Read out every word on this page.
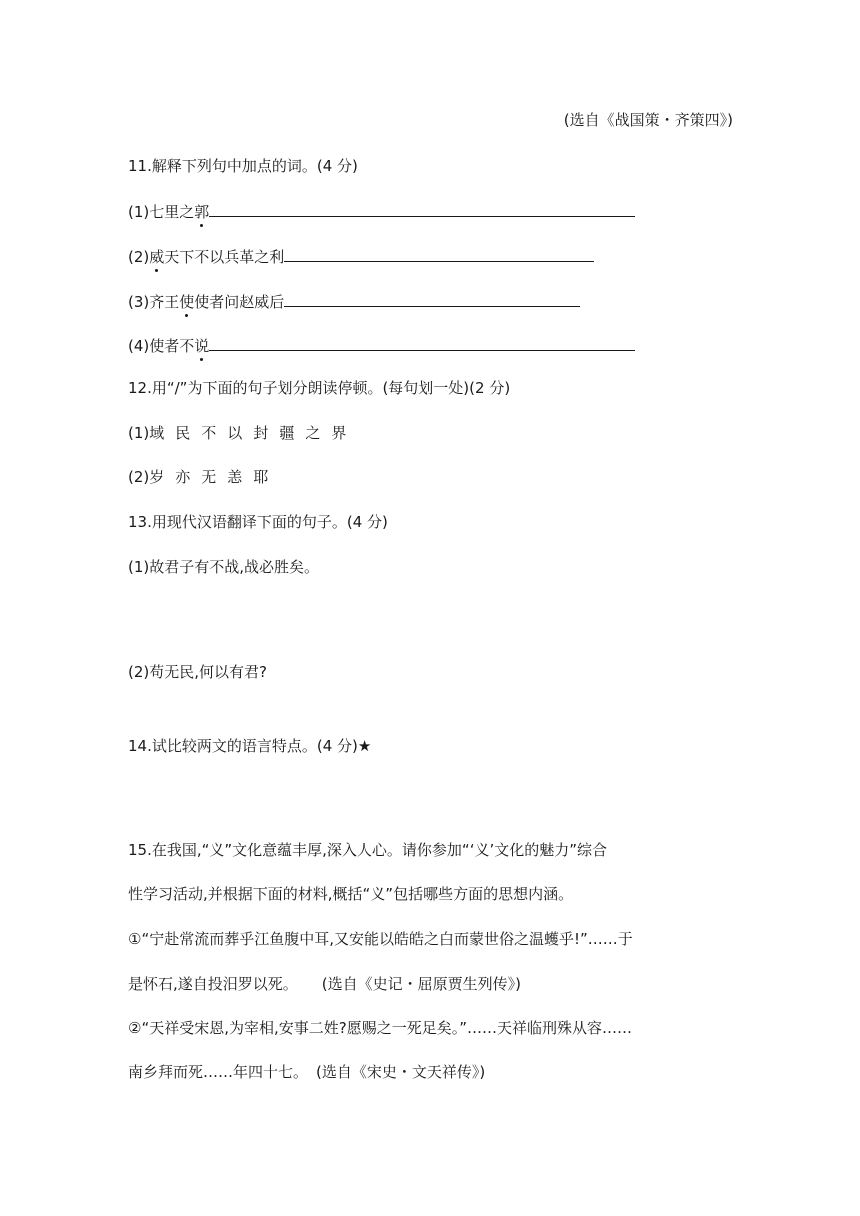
(选自《战国策・齐策四》)
11.解释下列句中加点的词。(4 分)
(1)七里之郭
(2)威天下不以兵革之利
(3)齐王使使者问赵威后
(4)使者不说
12.用“/”为下面的句子划分朗读停顿。(每句划一处)(2 分)
(1)域 民 不 以 封 疆 之 界
(2)岁 亦 无 恙 耶
13.用现代汉语翻译下面的句子。(4 分)
(1)故君子有不战,战必胜矣。
(2)苟无民,何以有君?
14.试比较两文的语言特点。(4 分)★
15.在我国,“义”文化意蕴丰厚,深入人心。请你参加“‘义’文化的魅力”综合
性学习活动,并根据下面的材料,概括“义”包括哪些方面的思想内涵。
①“宁赴常流而葬乎江鱼腹中耳,又安能以皓皓之白而蒙世俗之温蠖乎!”……于
是怀石,遂自投汨罗以死。 (选自《史记・屈原贾生列传》)
②“天祥受宋恩,为宰相,安事二姓?愿赐之一死足矣。”……天祥临刑殊从容……
南乡拜而死……年四十七。 (选自《宋史・文天祥传》)
